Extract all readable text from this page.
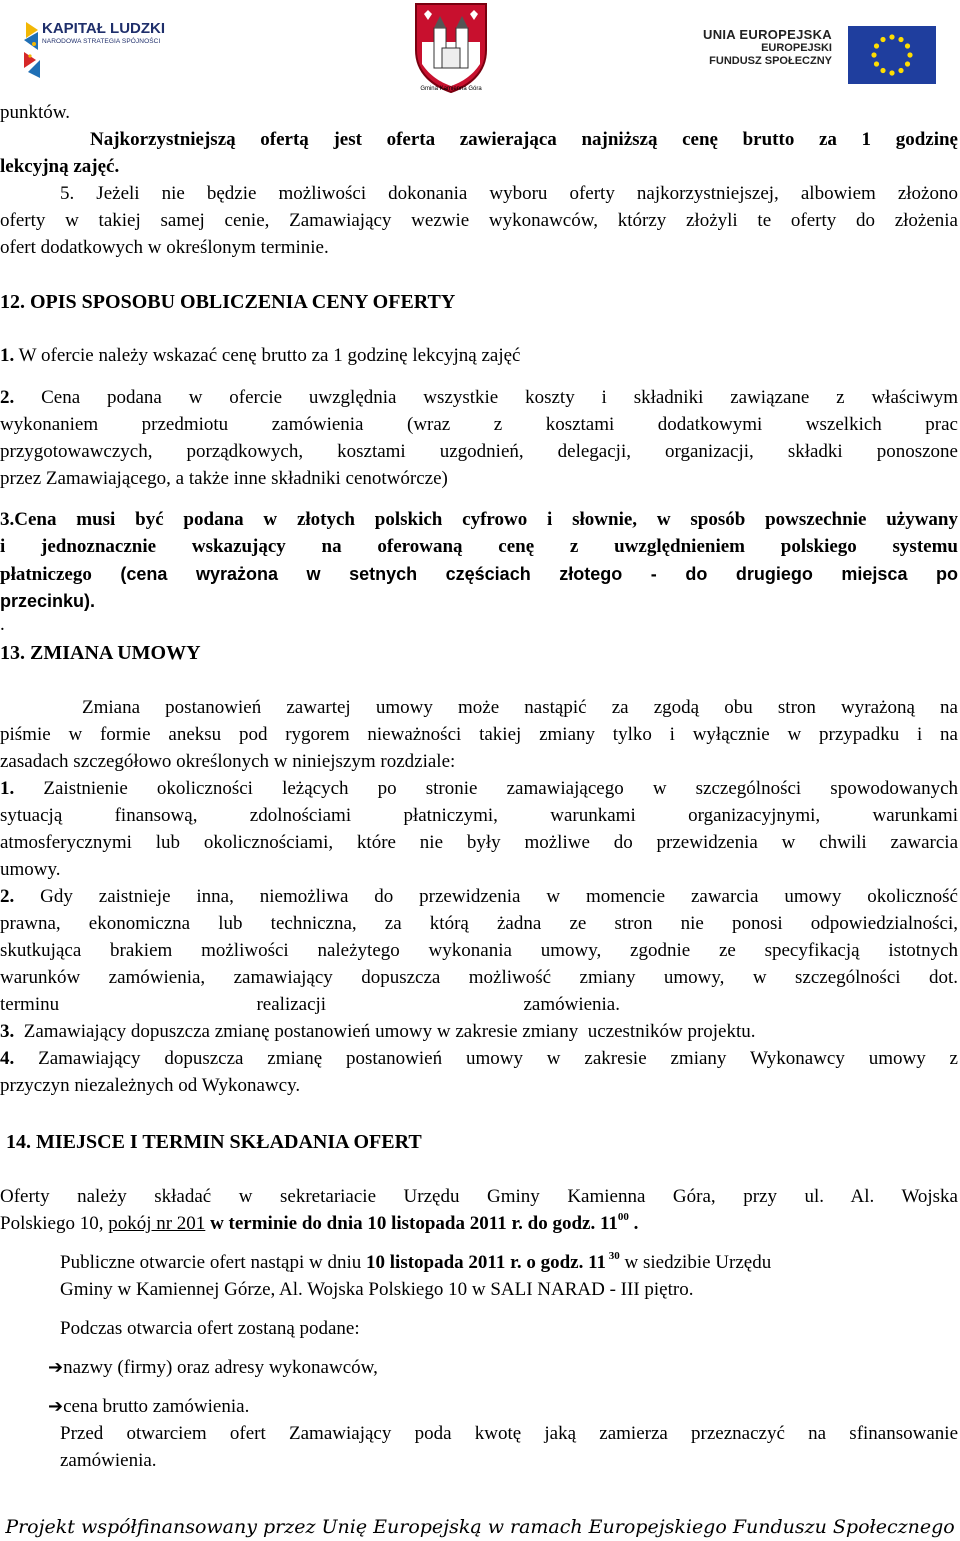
KAPITAŁ LUDZKI
NARODOWA STRATEGIA SPÓJNOŚCI
Gmina Kamienna Góra
UNIA EUROPEJSKA
EUROPEJSKI
FUNDUSZ SPOŁECZNY
punktów.
Najkorzystniejszą ofertą jest oferta zawierająca najniższą cenę brutto za 1 godzinę
lekcyjną zajęć.
5. Jeżeli nie będzie możliwości dokonania wyboru oferty najkorzystniejszej, albowiem złożono
oferty w takiej samej cenie, Zamawiający wezwie wykonawców, którzy złożyli te oferty do złożenia
ofert dodatkowych w określonym terminie.
12. OPIS SPOSOBU OBLICZENIA CENY OFERTY
1. W ofercie należy wskazać cenę brutto za 1 godzinę lekcyjną zajęć
2. Cena podana w ofercie uwzględnia wszystkie koszty i składniki zawiązane z właściwym
wykonaniem przedmiotu zamówienia (wraz z kosztami dodatkowymi wszelkich prac
przygotowawczych, porządkowych, kosztami uzgodnień, delegacji, organizacji, składki ponoszone
przez Zamawiającego, a także inne składniki cenotwórcze)
3.Cena musi być podana w złotych polskich cyfrowo i słownie, w sposób powszechnie używany
i jednoznacznie wskazujący na oferowaną cenę z uwzględnieniem polskiego systemu
płatniczego (cena wyrażona w setnych częściach złotego - do drugiego miejsca po
przecinku).
.
13. ZMIANA UMOWY
Zmiana postanowień zawartej umowy może nastąpić za zgodą obu stron wyrażoną na
piśmie w formie aneksu pod rygorem nieważności takiej zmiany tylko i wyłącznie w przypadku i na
zasadach szczegółowo określonych w niniejszym rozdziale:
1. Zaistnienie okoliczności leżących po stronie zamawiającego w szczególności spowodowanych
sytuacją finansową, zdolnościami płatniczymi, warunkami organizacyjnymi, warunkami
atmosferycznymi lub okolicznościami, które nie były możliwe do przewidzenia w chwili zawarcia
umowy.
2. Gdy zaistnieje inna, niemożliwa do przewidzenia w momencie zawarcia umowy okoliczność
prawna, ekonomiczna lub techniczna, za którą żadna ze stron nie ponosi odpowiedzialności,
skutkująca brakiem możliwości należytego wykonania umowy, zgodnie ze specyfikacją istotnych
warunków zamówienia, zamawiający dopuszcza możliwość zmiany umowy, w szczególności dot.
terminu realizacji zamówienia.
3.  Zamawiający dopuszcza zmianę postanowień umowy w zakresie zmiany  uczestników projektu.
4. Zamawiający dopuszcza zmianę postanowień umowy w zakresie zmiany Wykonawcy umowy z
przyczyn niezależnych od Wykonawcy.
14. MIEJSCE I TERMIN SKŁADANIA OFERT
Oferty należy składać w sekretariacie Urzędu Gminy Kamienna Góra, przy ul. Al. Wojska
Polskiego 10, pokój nr 201 w terminie do dnia 10 listopada 2011 r. do godz. $11^{00}$ .
Publiczne otwarcie ofert nastąpi w dniu 10 listopada 2011 r. o godz. 11 $^{30}$ w siedzibie Urzędu
Gminy w Kamiennej Górze, Al. Wojska Polskiego 10 w SALI NARAD - III piętro.
Podczas otwarcia ofert zostaną podane:
➔nazwy (firmy) oraz adresy wykonawców,
➔cena brutto zamówienia.
Przed otwarciem ofert Zamawiający poda kwotę jaką zamierza przeznaczyć na sfinansowanie
zamówienia.
Projekt współfinansowany przez Unię Europejską w ramach Europejskiego Funduszu Społecznego
